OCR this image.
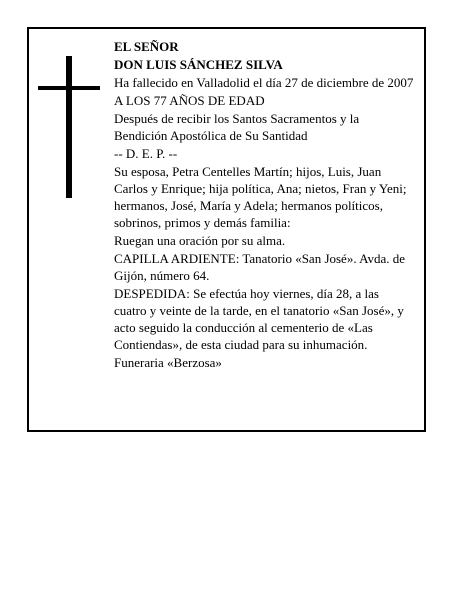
EL SEÑOR

DON LUIS SÁNCHEZ SILVA

Ha fallecido en Valladolid el día 27 de diciembre de 2007

A LOS 77 AÑOS DE EDAD

Después de recibir los Santos Sacramentos y la Bendición Apostólica de Su Santidad

-- D. E. P. --

Su esposa, Petra Centelles Martín; hijos, Luis, Juan Carlos y Enrique; hija política, Ana; nietos, Fran y Yeni; hermanos, José, María y Adela; hermanos políticos, sobrinos, primos y demás familia:

Ruegan una oración por su alma.

CAPILLA ARDIENTE: Tanatorio «San José». Avda. de Gijón, número 64.

DESPEDIDA: Se efectúa hoy viernes, día 28, a las cuatro y veinte de la tarde, en el tanatorio «San José», y acto seguido la conducción al cementerio de «Las Contiendas», de esta ciudad para su inhumación.

Funeraria «Berzosa»
